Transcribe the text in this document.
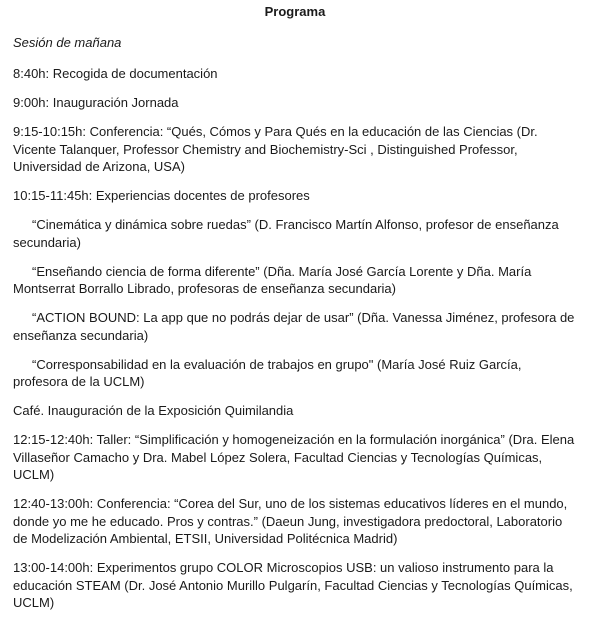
Programa
Sesión de mañana
8:40h: Recogida de documentación
9:00h: Inauguración Jornada
9:15-10:15h: Conferencia: “Qués, Cómos y Para Qués en la educación de las Ciencias (Dr. Vicente Talanquer, Professor Chemistry and Biochemistry-Sci , Distinguished Professor, Universidad de Arizona, USA)
10:15-11:45h: Experiencias docentes de profesores
“Cinemática y dinámica sobre ruedas” (D. Francisco Martín Alfonso, profesor de enseñanza secundaria)
“Enseñando ciencia de forma diferente” (Dña. María José García Lorente y Dña. María Montserrat Borrallo Librado, profesoras de enseñanza secundaria)
“ACTION BOUND: La app que no podrás dejar de usar” (Dña. Vanessa Jiménez, profesora de enseñanza secundaria)
“Corresponsabilidad en la evaluación de trabajos en grupo" (María José Ruiz García, profesora de la UCLM)
Café. Inauguración de la Exposición Quimilandia
12:15-12:40h: Taller: “Simplificación y homogeneización en la formulación inorgánica” (Dra. Elena Villaseñor Camacho y Dra. Mabel López Solera, Facultad Ciencias y Tecnologías Químicas, UCLM)
12:40-13:00h: Conferencia: “Corea del Sur, uno de los sistemas educativos líderes en el mundo, donde yo me he educado. Pros y contras.” (Daeun Jung, investigadora predoctoral, Laboratorio de Modelización Ambiental, ETSII, Universidad Politécnica Madrid)
13:00-14:00h: Experimentos grupo COLOR Microscopios USB: un valioso instrumento para la educación STEAM (Dr. José Antonio Murillo Pulgarín, Facultad Ciencias y Tecnologías Químicas, UCLM)
